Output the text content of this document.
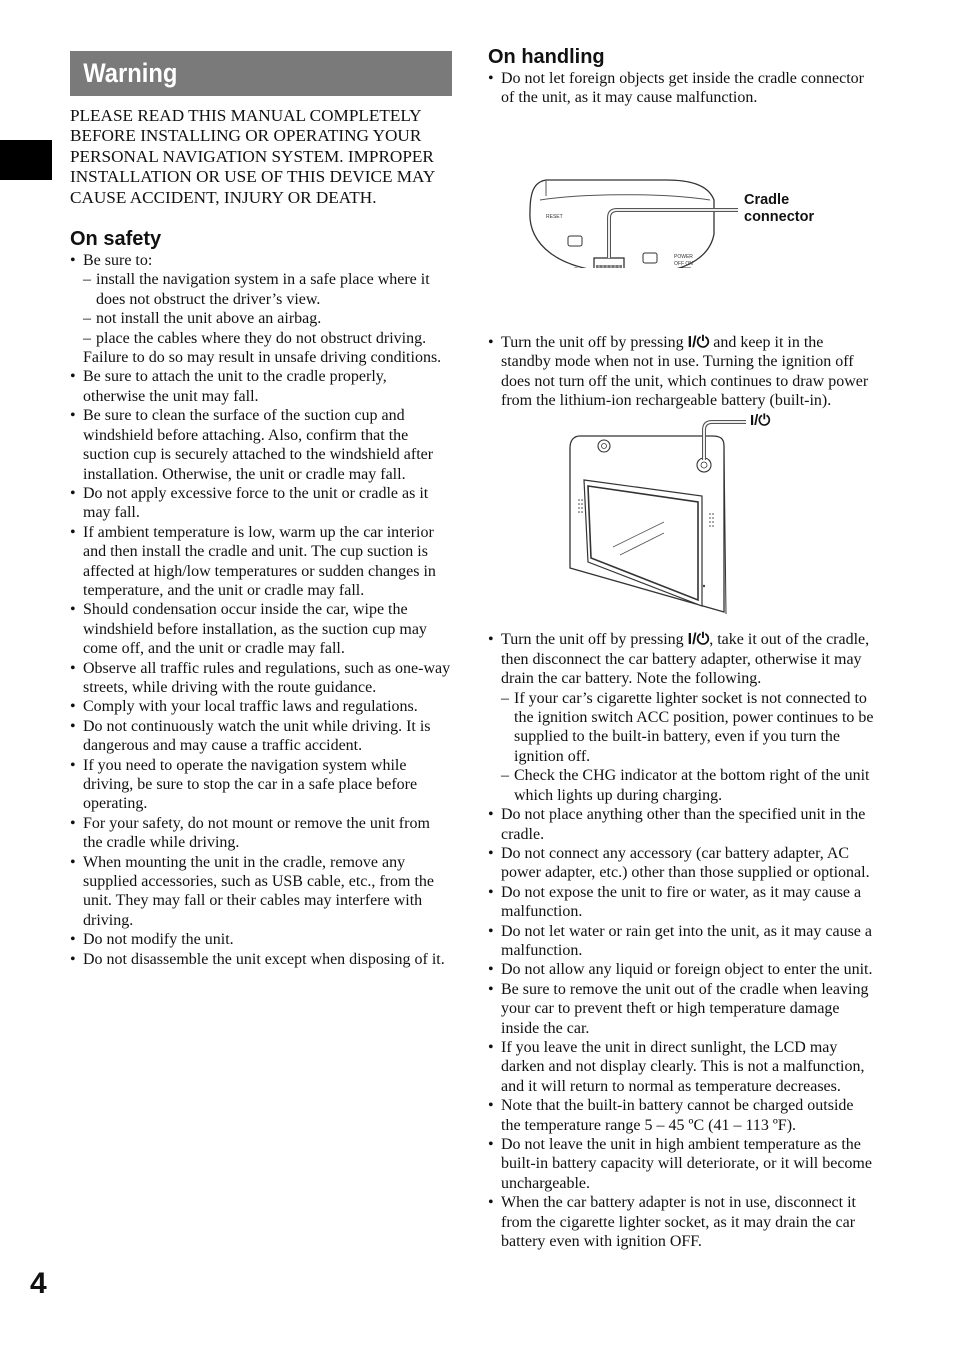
4
Warning

PLEASE READ THIS MANUAL COMPLETELY BEFORE INSTALLING OR OPERATING YOUR PERSONAL NAVIGATION SYSTEM. IMPROPER INSTALLATION OR USE OF THIS DEVICE MAY CAUSE ACCIDENT, INJURY OR DEATH.

On safety
• Be sure to:
– install the navigation system in a safe place where it does not obstruct the driver’s view.
– not install the unit above an airbag.
– place the cables where they do not obstruct driving.
Failure to do so may result in unsafe driving conditions.
• Be sure to attach the unit to the cradle properly, otherwise the unit may fall.
• Be sure to clean the surface of the suction cup and windshield before attaching. Also, confirm that the suction cup is securely attached to the windshield after installation. Otherwise, the unit or cradle may fall.
• Do not apply excessive force to the unit or cradle as it may fall.
• If ambient temperature is low, warm up the car interior and then install the cradle and unit. The cup suction is affected at high/low temperatures or sudden changes in temperature, and the unit or cradle may fall.
• Should condensation occur inside the car, wipe the windshield before installation, as the suction cup may come off, and the unit or cradle may fall.
• Observe all traffic rules and regulations, such as one-way streets, while driving with the route guidance.
• Comply with your local traffic laws and regulations.
• Do not continuously watch the unit while driving. It is dangerous and may cause a traffic accident.
• If you need to operate the navigation system while driving, be sure to stop the car in a safe place before operating.
• For your safety, do not mount or remove the unit from the cradle while driving.
• When mounting the unit in the cradle, remove any supplied accessories, such as USB cable, etc., from the unit. They may fall or their cables may interfere with driving.
• Do not modify the unit.
• Do not disassemble the unit except when disposing of it.
On handling
• Do not let foreign objects get inside the cradle connector of the unit, as it may cause malfunction.
RESET
POWER
OFF ON
Cradle
connector
• Turn the unit off by pressing I/⏻ and keep it in the standby mode when not in use. Turning the ignition off does not turn off the unit, which continues to draw power from the lithium-ion rechargeable battery (built-in).
I/⏻
• Turn the unit off by pressing I/⏻, take it out of the cradle, then disconnect the car battery adapter, otherwise it may drain the car battery. Note the following.
– If your car’s cigarette lighter socket is not connected to the ignition switch ACC position, power continues to be supplied to the built-in battery, even if you turn the ignition off.
– Check the CHG indicator at the bottom right of the unit which lights up during charging.
• Do not place anything other than the specified unit in the cradle.
• Do not connect any accessory (car battery adapter, AC power adapter, etc.) other than those supplied or optional.
• Do not expose the unit to fire or water, as it may cause a malfunction.
• Do not let water or rain get into the unit, as it may cause a malfunction.
• Do not allow any liquid or foreign object to enter the unit.
• Be sure to remove the unit out of the cradle when leaving your car to prevent theft or high temperature damage inside the car.
• If you leave the unit in direct sunlight, the LCD may darken and not display clearly. This is not a malfunction, and it will return to normal as temperature decreases.
• Note that the built-in battery cannot be charged outside the temperature range 5 – 45 ºC (41 – 113 ºF).
• Do not leave the unit in high ambient temperature as the built-in battery capacity will deteriorate, or it will become unchargeable.
• When the car battery adapter is not in use, disconnect it from the cigarette lighter socket, as it may drain the car battery even with ignition OFF.
